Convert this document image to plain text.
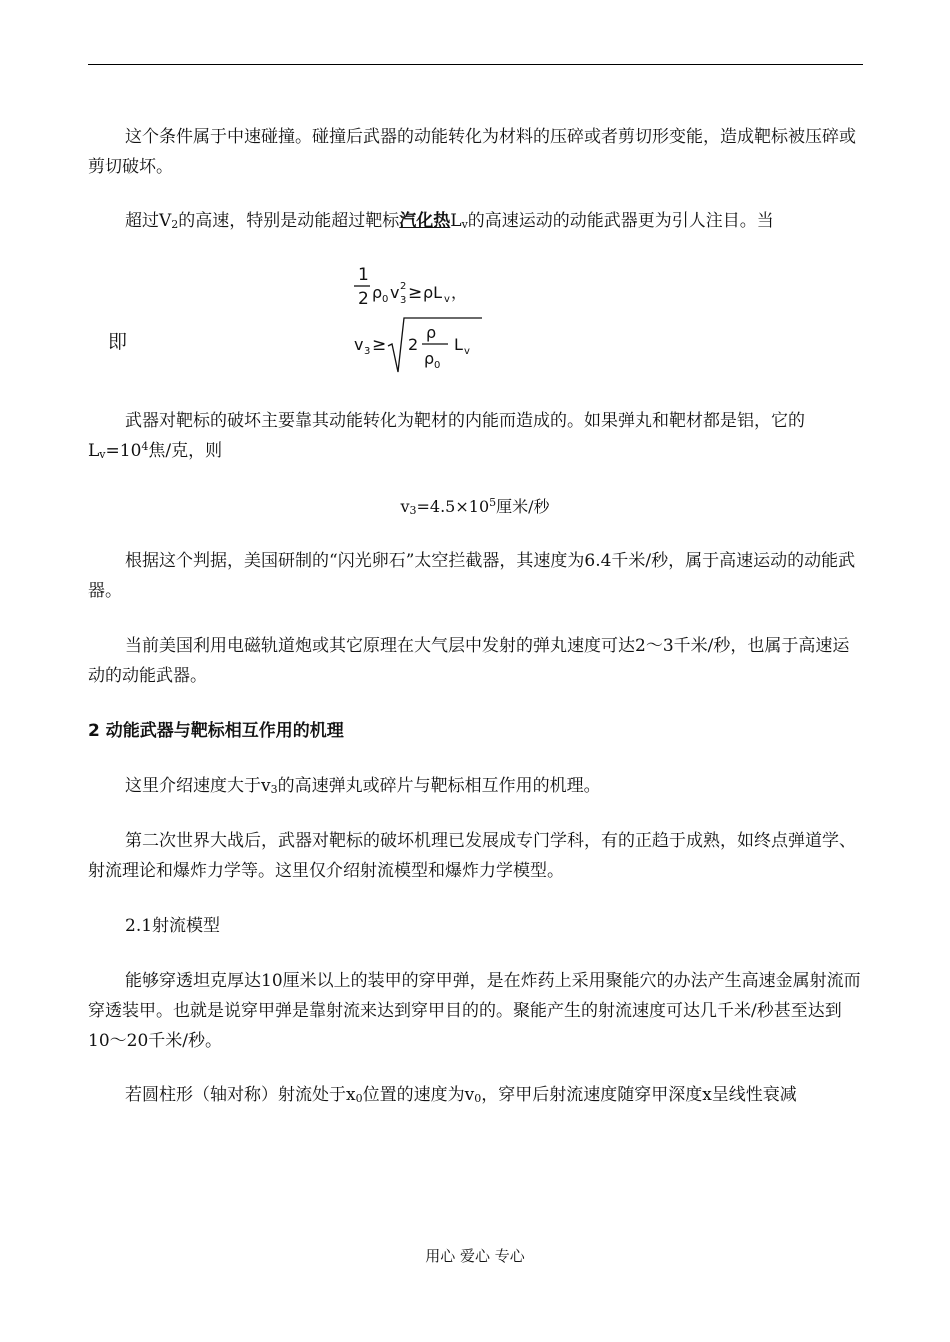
这个条件属于中速碰撞。碰撞后武器的动能转化为材料的压碎或者剪切形变能，造成靶标被压碎或剪切破坏。

超过$V_2$的高速，特别是动能超过靶标汽化热$L_v$的高速运动的动能武器更为引人注目。当

即
1
2 ρ 0 v 2
3 ≥ ρL v ，
v 3 ≥ 2
ρ
ρ 0
L v

武器对靶标的破坏主要靠其动能转化为靶材的内能而造成的。如果弹丸和靶材都是铝，它的$L_v=10^4$焦/克，则

$v_3=4.5\times 10^5$厘米/秒

根据这个判据，美国研制的“闪光卵石”太空拦截器，其速度为6.4千米/秒，属于高速运动的动能武器。

当前美国利用电磁轨道炮或其它原理在大气层中发射的弹丸速度可达2～3千米/秒，也属于高速运动的动能武器。

2 动能武器与靶标相互作用的机理

这里介绍速度大于$v_3$的高速弹丸或碎片与靶标相互作用的机理。

第二次世界大战后，武器对靶标的破坏机理已发展成专门学科，有的正趋于成熟，如终点弹道学、射流理论和爆炸力学等。这里仅介绍射流模型和爆炸力学模型。

2.1射流模型

能够穿透坦克厚达10厘米以上的装甲的穿甲弹，是在炸药上采用聚能穴的办法产生高速金属射流而穿透装甲。也就是说穿甲弹是靠射流来达到穿甲目的的。聚能产生的射流速度可达几千米/秒甚至达到10～20千米/秒。

若圆柱形（轴对称）射流处于$x_0$位置的速度为$v_0$，穿甲后射流速度随穿甲深度x呈线性衰减

用心 爱心 专心
